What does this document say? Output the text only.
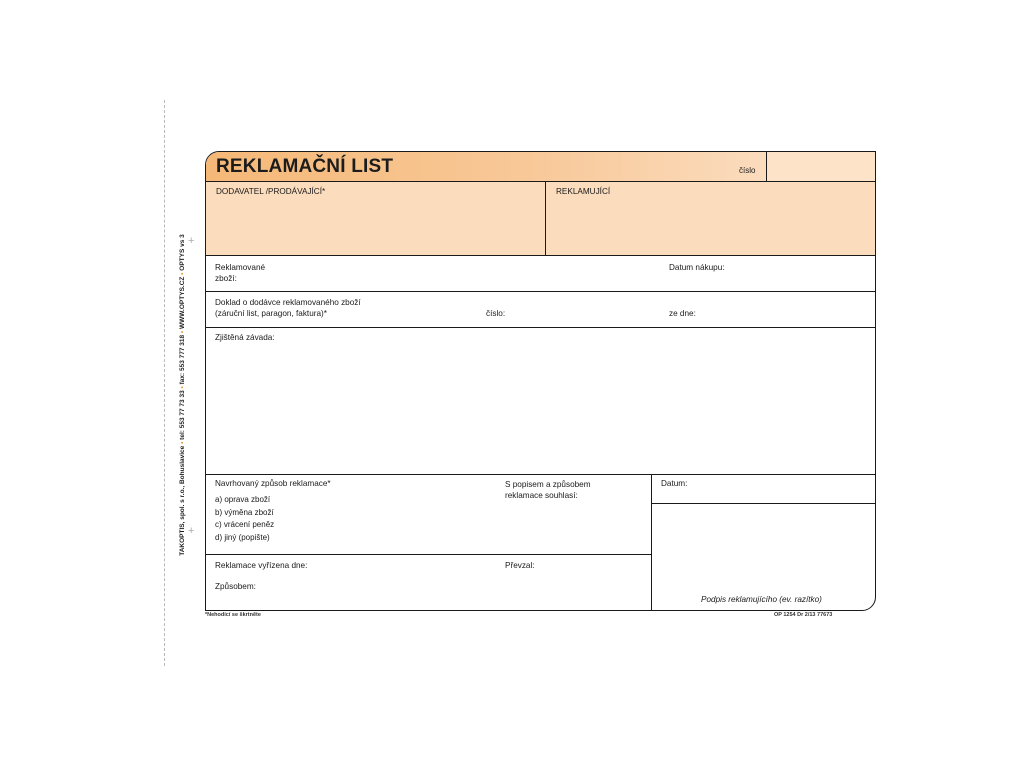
+
+
TAKOPTIS, spol. s r.o., Bohuslavice • tel: 553 77 73 33 • fax: 553 777 318 • WWW.OPTYS.CZ • OPTYS vs 3
REKLAMAČNÍ LIST	číslo
DODAVATEL /PRODÁVAJÍCÍ*	REKLAMUJÍCÍ
Reklamované
zboží:
Datum nákupu:
Doklad o dodávce reklamovaného zboží
(záruční list, paragon, faktura)*	číslo:	ze dne:
Zjištěná závada:
Navrhovaný způsob reklamace*
a) oprava zboží
b) výměna zboží
c) vrácení peněz
d) jiný (popište)
S popisem a způsobem
reklamace souhlasí:
Datum:
Reklamace vyřízena dne:	Převzal:
Způsobem:
Podpis reklamujícího (ev. razítko)
*Nehodící se škrtněte	OP 1254 Dr 2/13 77673
